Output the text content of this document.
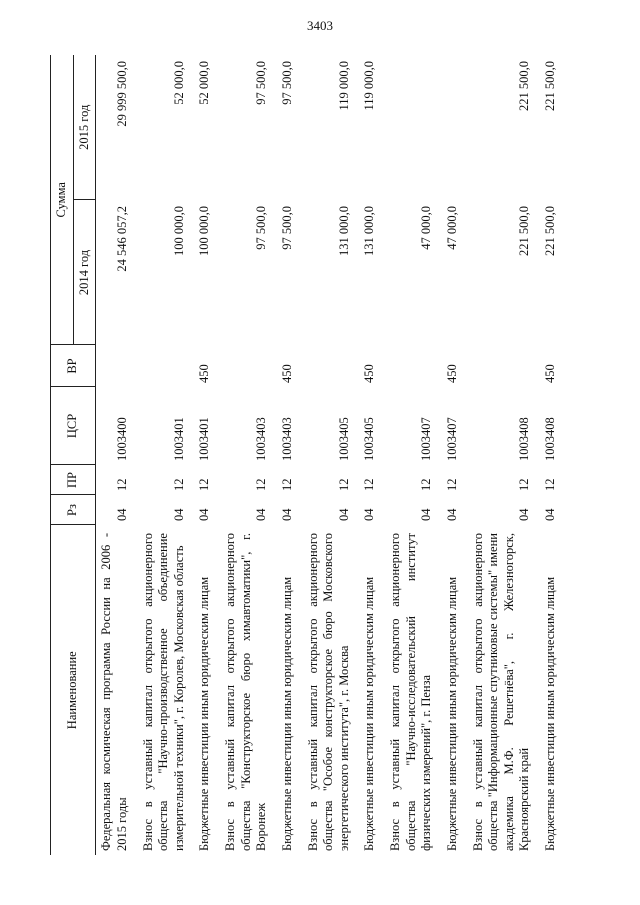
3403
Наименование	Рз	ПР	ЦСР	ВР	Сумма	
					2014 год	2015 год
Федеральная космическая программа России на 2006 - 2015 годы	04	12	1003400		24 546 057,2	29 999 500,0
Взнос в уставный капитал открытого акционерного общества "Научно-производственное объединение измерительной техники", г. Королев, Московская область	04	12	1003401		100 000,0	52 000,0
Бюджетные инвестиции иным юридическим лицам	04	12	1003401	450	100 000,0	52 000,0
Взнос в уставный капитал открытого акционерного общества "Конструкторское бюро химавтоматики", г. Воронеж	04	12	1003403		97 500,0	97 500,0
Бюджетные инвестиции иным юридическим лицам	04	12	1003403	450	97 500,0	97 500,0
Взнос в уставный капитал открытого акционерного общества "Особое конструкторское бюро Московского энергетического института", г. Москва	04	12	1003405		131 000,0	119 000,0
Бюджетные инвестиции иным юридическим лицам	04	12	1003405	450	131 000,0	119 000,0
Взнос в уставный капитал открытого акционерного общества "Научно-исследовательский институт физических измерений", г. Пенза	04	12	1003407		47 000,0	
Бюджетные инвестиции иным юридическим лицам	04	12	1003407	450	47 000,0	
Взнос в уставный капитал открытого акционерного общества "Информационные спутниковые системы" имени академика М.Ф. Решетнёва", г. Железногорск, Красноярский край	04	12	1003408		221 500,0	221 500,0
Бюджетные инвестиции иным юридическим лицам	04	12	1003408	450	221 500,0	221 500,0
